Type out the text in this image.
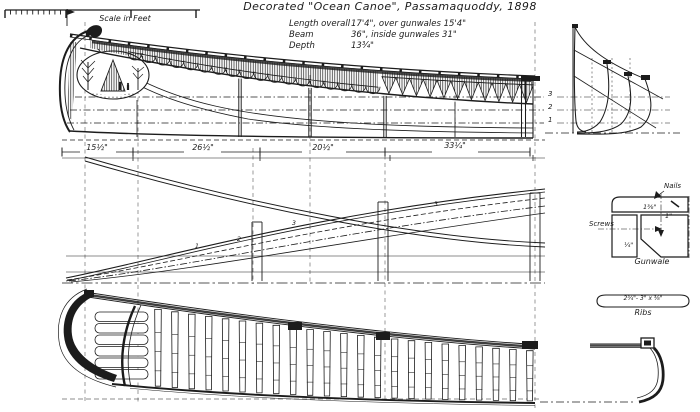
Decorated "Ocean Canoe", Passamaquoddy, 1898
Length overall 17'4", over gunwales 15'4"
Beam	36", inside gunwales 31"
Depth	13¾"
Scale in Feet
15½"	26½"	20½"	33¼"
3
2
1
1
2
3
3
Nails
Screws
1⅜"
1"
¼"
Gunwale
2¾"- 3" x ⅜"
Ribs
